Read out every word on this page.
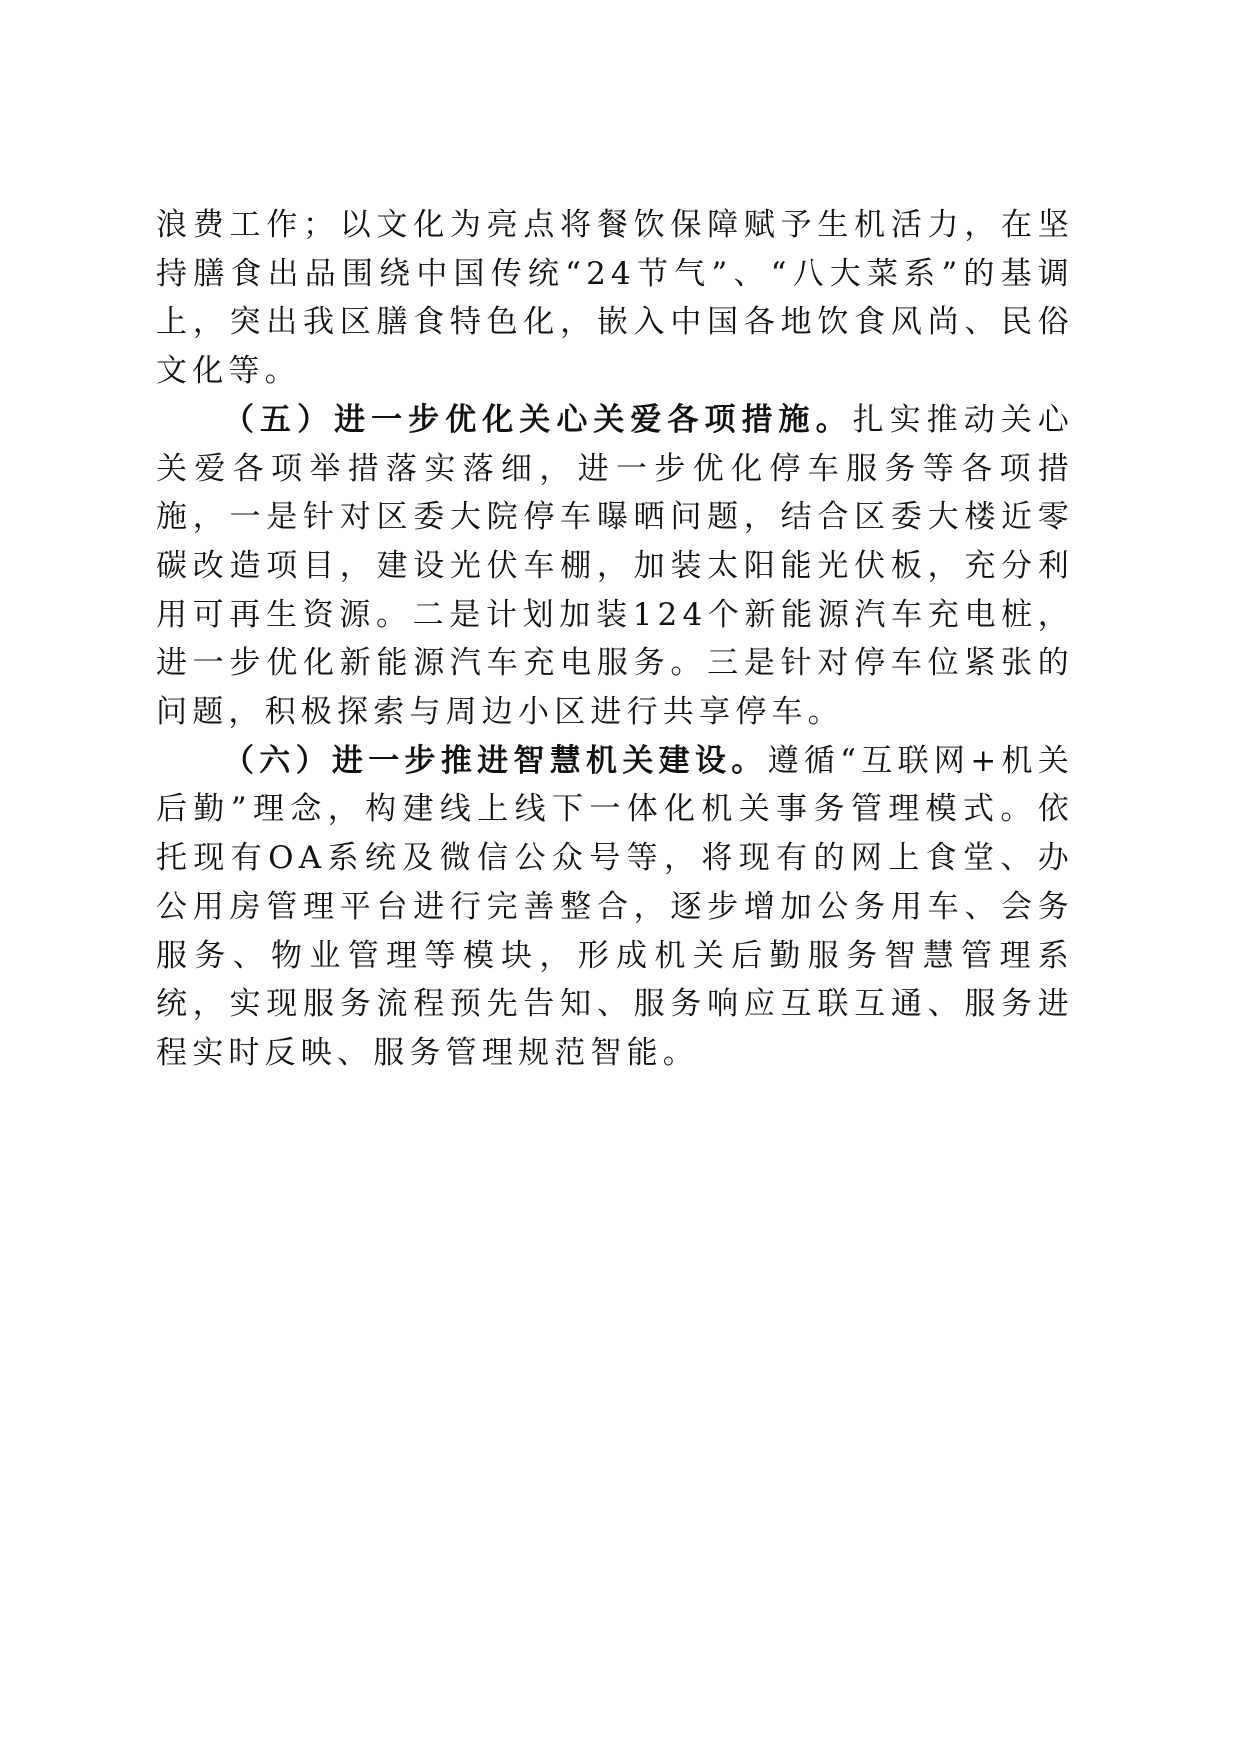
浪费工作；以文化为亮点将餐饮保障赋予生机活力，在坚持膳食出品围绕中国传统“24节气”、“八大菜系”的基调上，突出我区膳食特色化，嵌入中国各地饮食风尚、民俗文化等。

（五）进一步优化关心关爱各项措施。扎实推动关心关爱各项举措落实落细，进一步优化停车服务等各项措施，一是针对区委大院停车曝晒问题，结合区委大楼近零碳改造项目，建设光伏车棚，加装太阳能光伏板，充分利用可再生资源。二是计划加装124个新能源汽车充电桩，进一步优化新能源汽车充电服务。三是针对停车位紧张的问题，积极探索与周边小区进行共享停车。

（六）进一步推进智慧机关建设。遵循“互联网+机关后勤”理念，构建线上线下一体化机关事务管理模式。依托现有OA系统及微信公众号等，将现有的网上食堂、办公用房管理平台进行完善整合，逐步增加公务用车、会务服务、物业管理等模块，形成机关后勤服务智慧管理系统，实现服务流程预先告知、服务响应互联互通、服务进程实时反映、服务管理规范智能。
